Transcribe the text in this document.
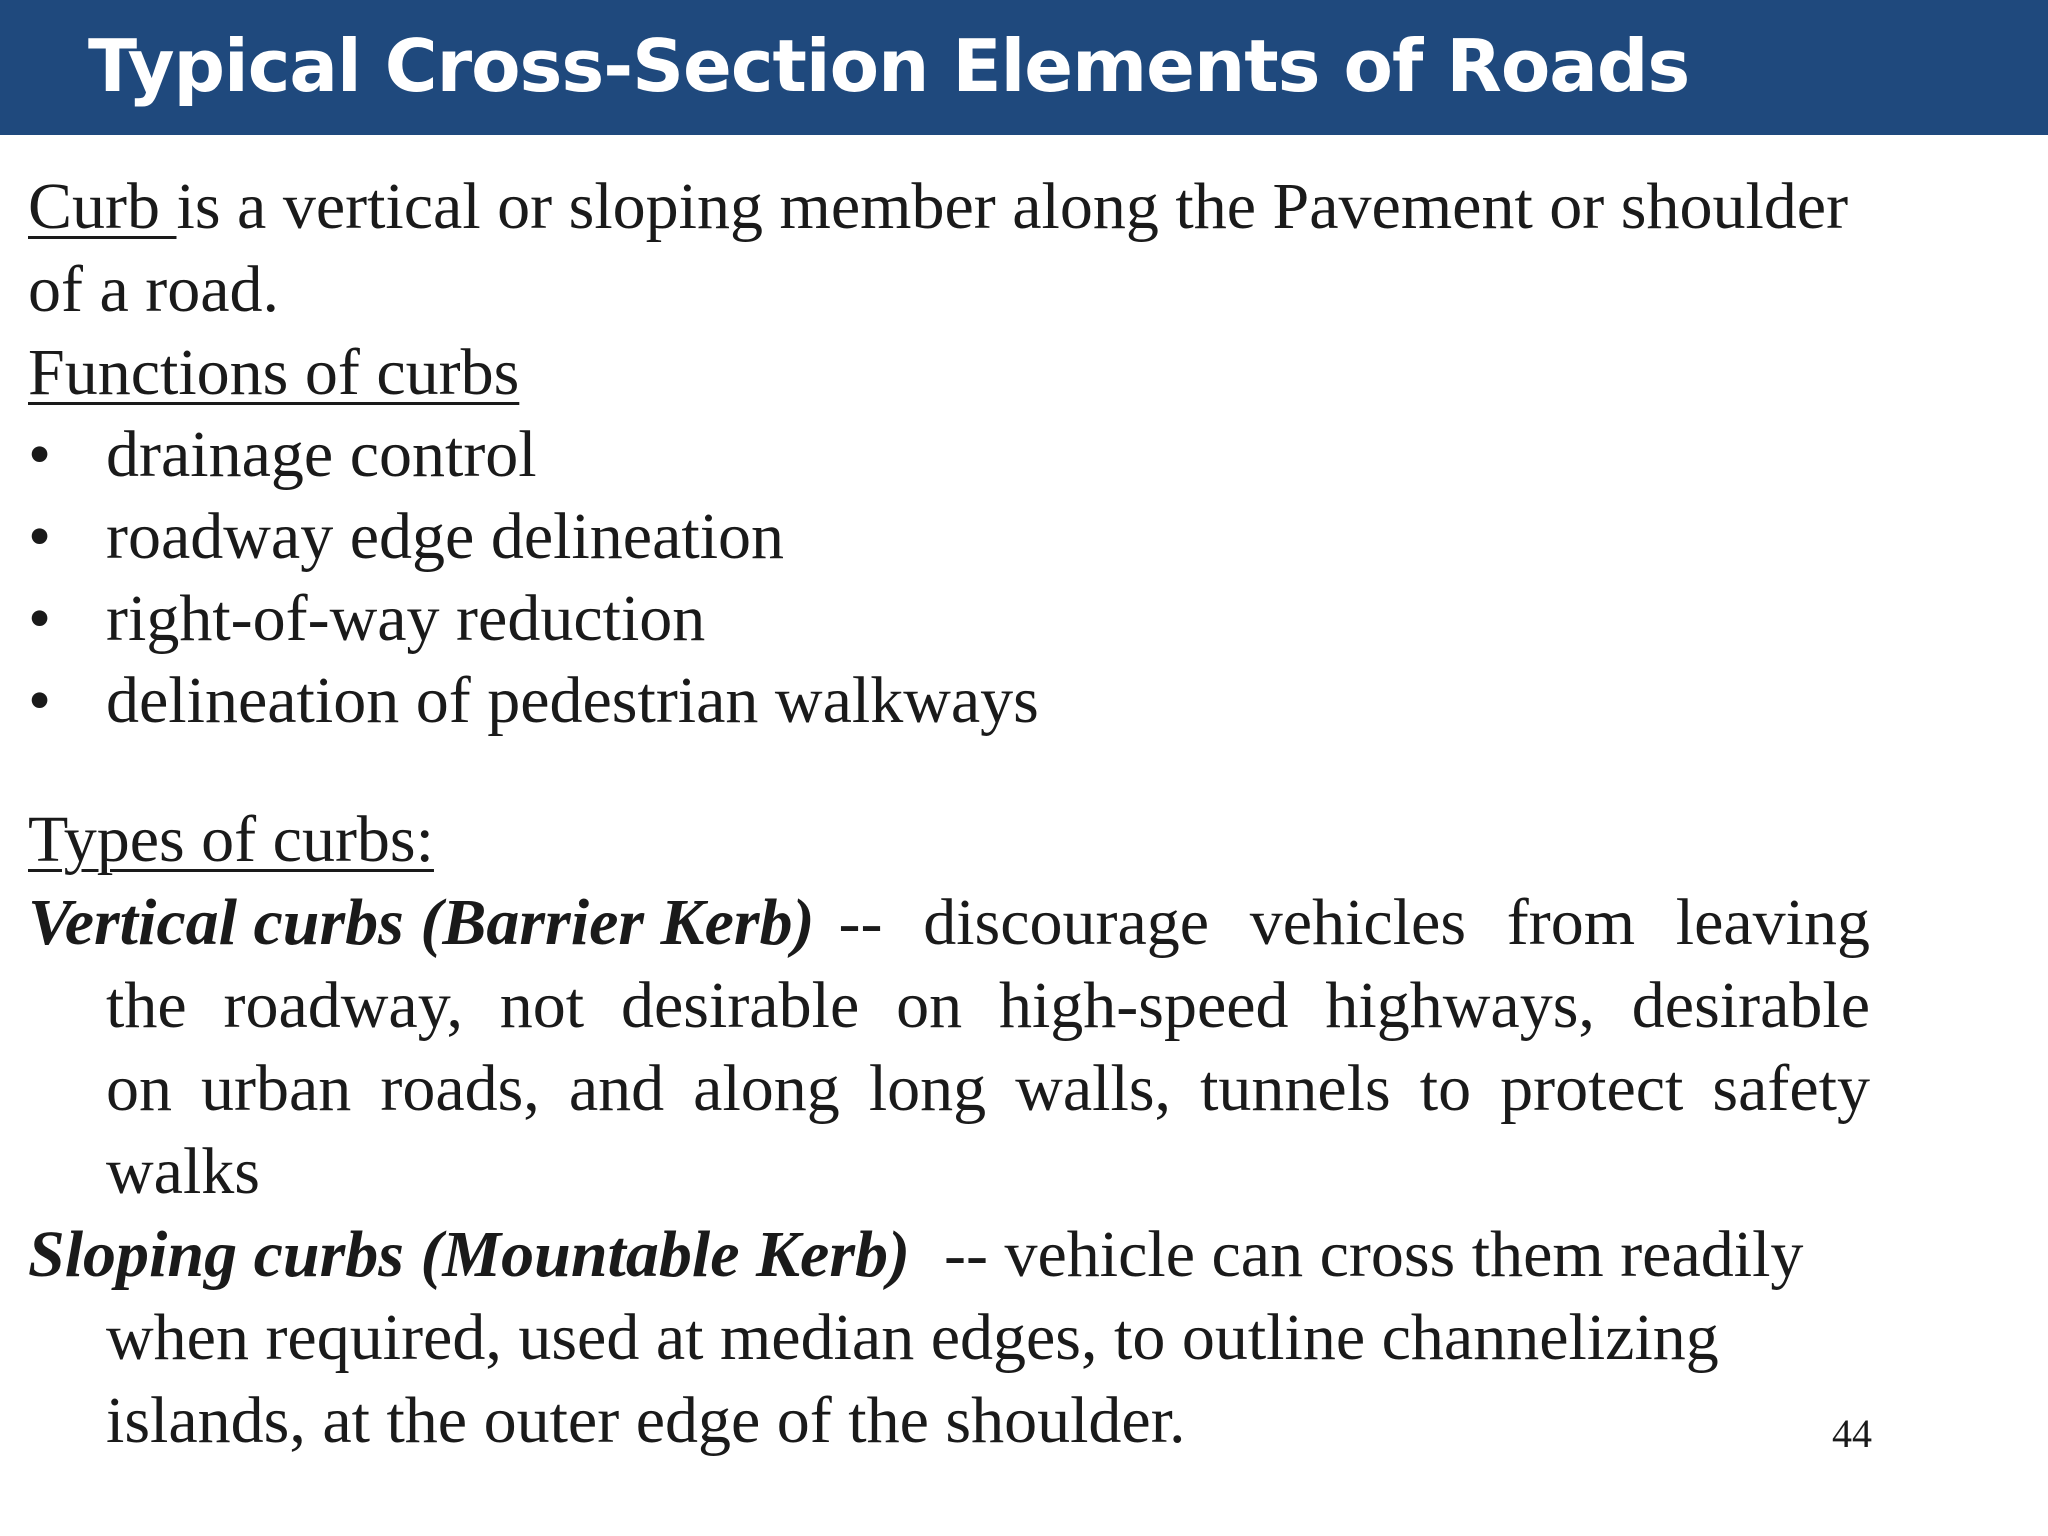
Typical Cross-Section Elements of Roads
Curb is a vertical or sloping member along the Pavement or shoulder
of a road.
Functions of curbs
• drainage control
• roadway edge delineation
• right-of-way reduction
• delineation of pedestrian walkways
Types of curbs:
Vertical curbs (Barrier Kerb) -- discourage vehicles from leaving
the roadway, not desirable on high-speed highways, desirable
on urban roads, and along long walls, tunnels to protect safety
walks
Sloping curbs (Mountable Kerb) -- vehicle can cross them readily
when required, used at median edges, to outline channelizing
islands, at the outer edge of the shoulder.	44
